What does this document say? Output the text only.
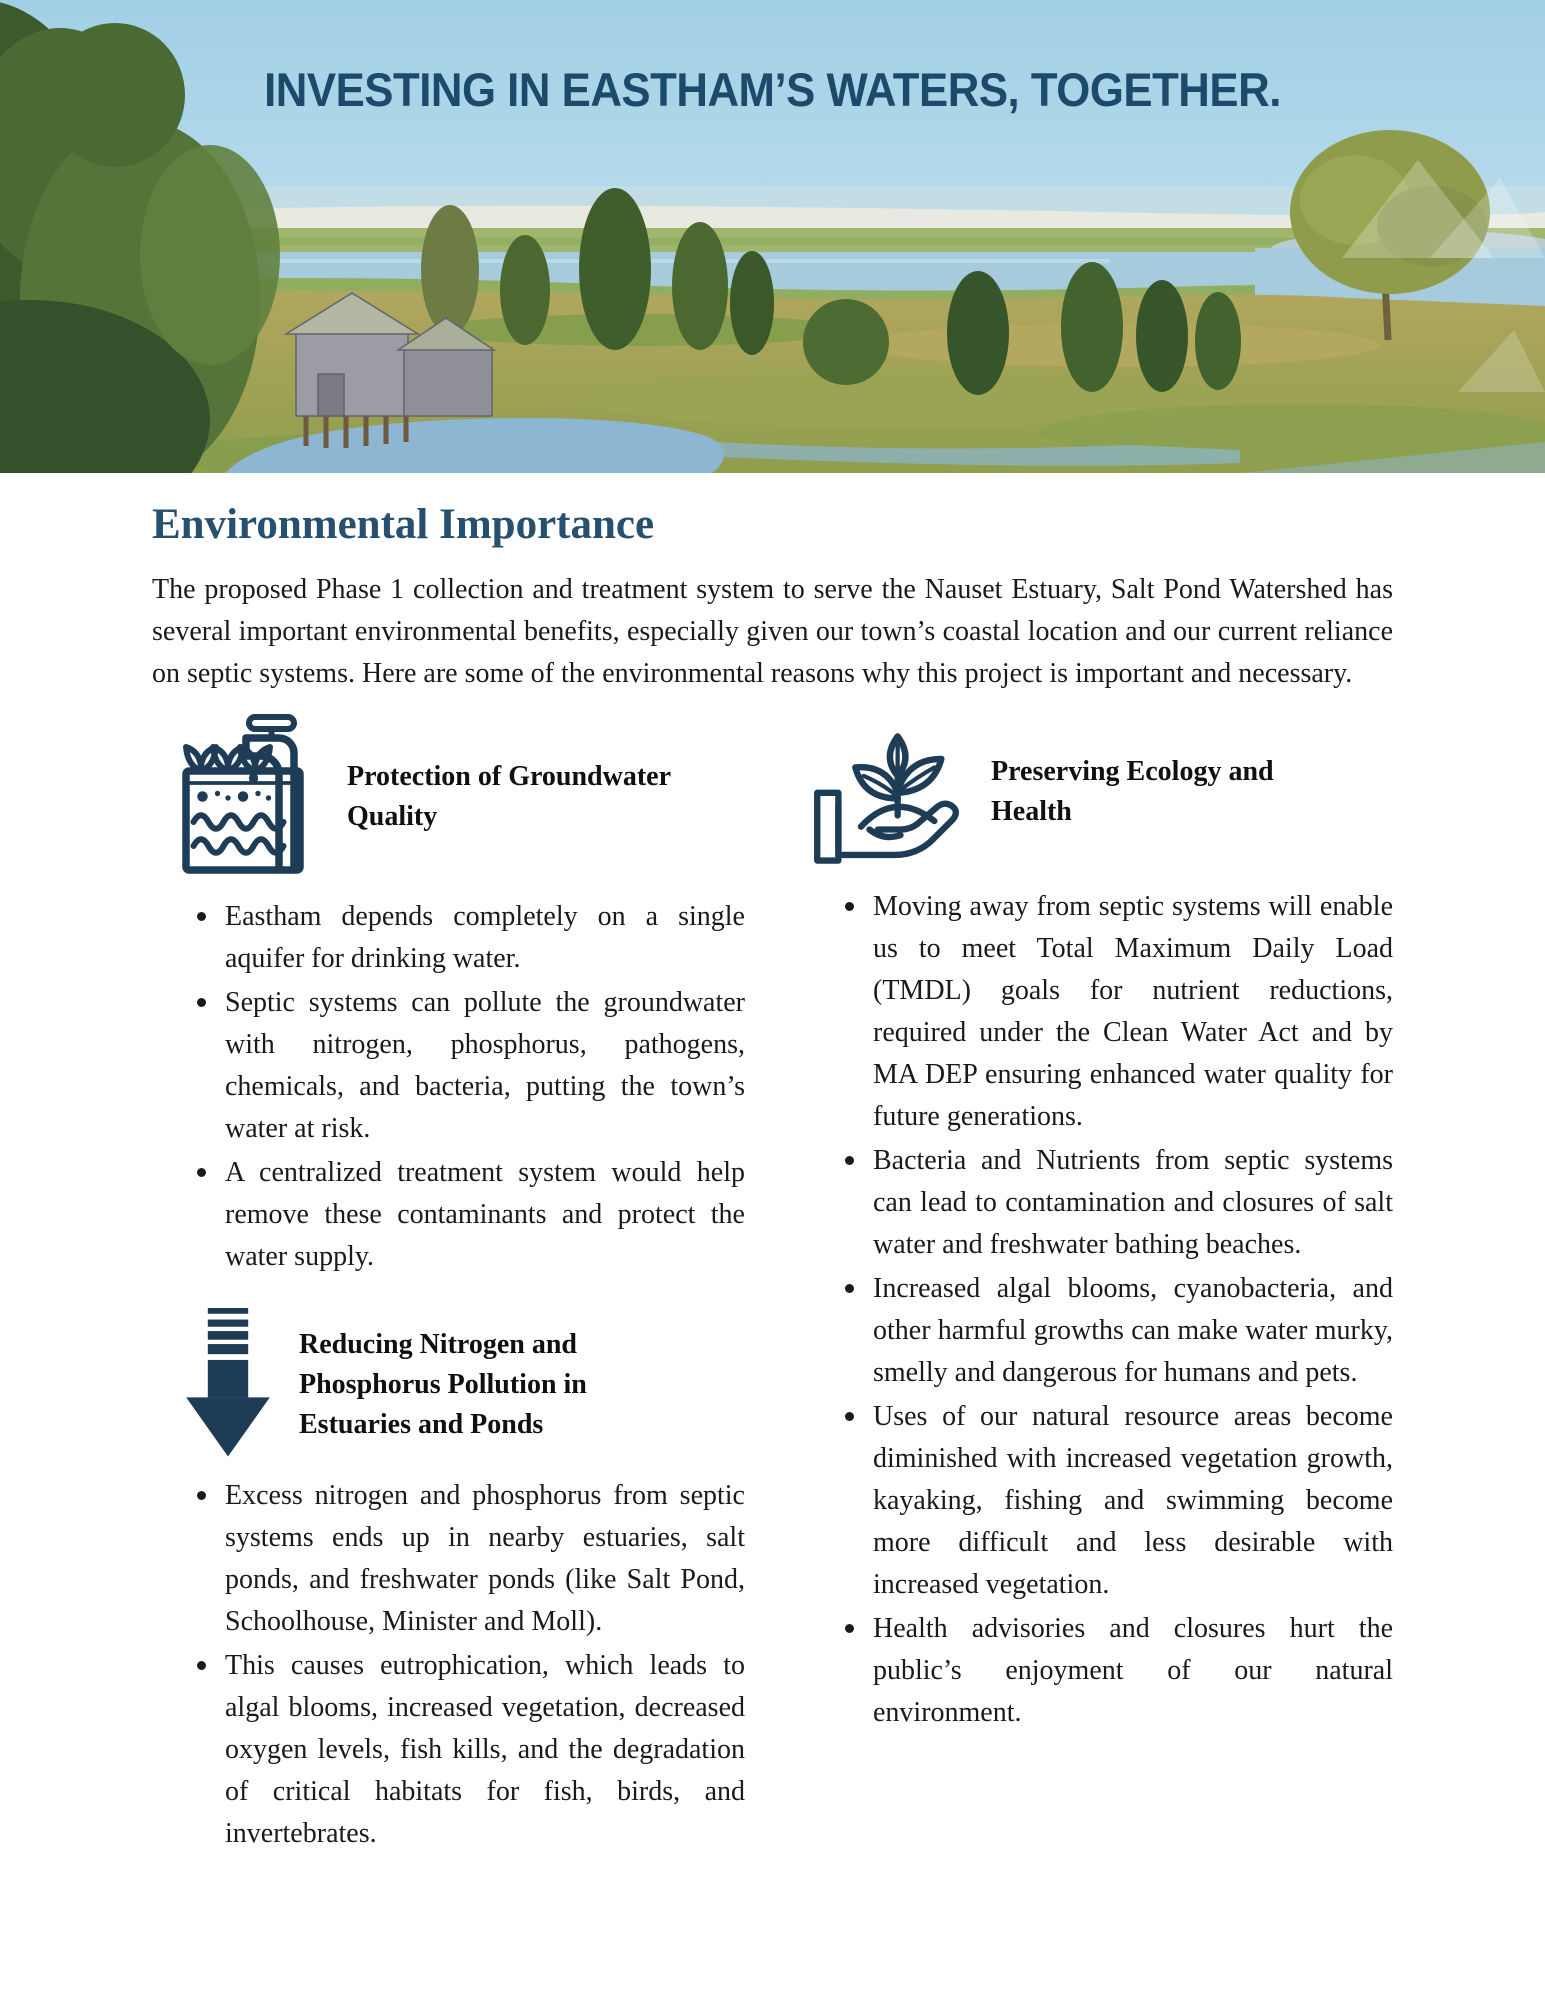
INVESTING IN EASTHAM’S WATERS, TOGETHER.
Environmental Importance

The proposed Phase 1 collection and treatment system to serve the Nauset Estuary, Salt Pond Watershed has several important environmental benefits, especially given our town’s coastal location and our current reliance on septic systems. Here are some of the environmental reasons why this project is important and necessary.

Protection of Groundwater Quality
Eastham depends completely on a single aquifer for drinking water.
Septic systems can pollute the groundwater with nitrogen, phosphorus, pathogens, chemicals, and bacteria, putting the town’s water at risk.
A centralized treatment system would help remove these contaminants and protect the water supply.
Reducing Nitrogen and Phosphorus Pollution in Estuaries and Ponds
Excess nitrogen and phosphorus from septic systems ends up in nearby estuaries, salt ponds, and freshwater ponds (like Salt Pond, Schoolhouse, Minister and Moll).
This causes eutrophication, which leads to algal blooms, increased vegetation, decreased oxygen levels, fish kills, and the degradation of critical habitats for fish, birds, and invertebrates.
Preserving Ecology and Health
Moving away from septic systems will enable us to meet Total Maximum Daily Load (TMDL) goals for nutrient reductions, required under the Clean Water Act and by MA DEP ensuring enhanced water quality for future generations.
Bacteria and Nutrients from septic systems can lead to contamination and closures of salt water and freshwater bathing beaches.
Increased algal blooms, cyanobacteria, and other harmful growths can make water murky, smelly and dangerous for humans and pets.
Uses of our natural resource areas become diminished with increased vegetation growth, kayaking, fishing and swimming become more difficult and less desirable with increased vegetation.
Health advisories and closures hurt the public’s enjoyment of our natural environment.
